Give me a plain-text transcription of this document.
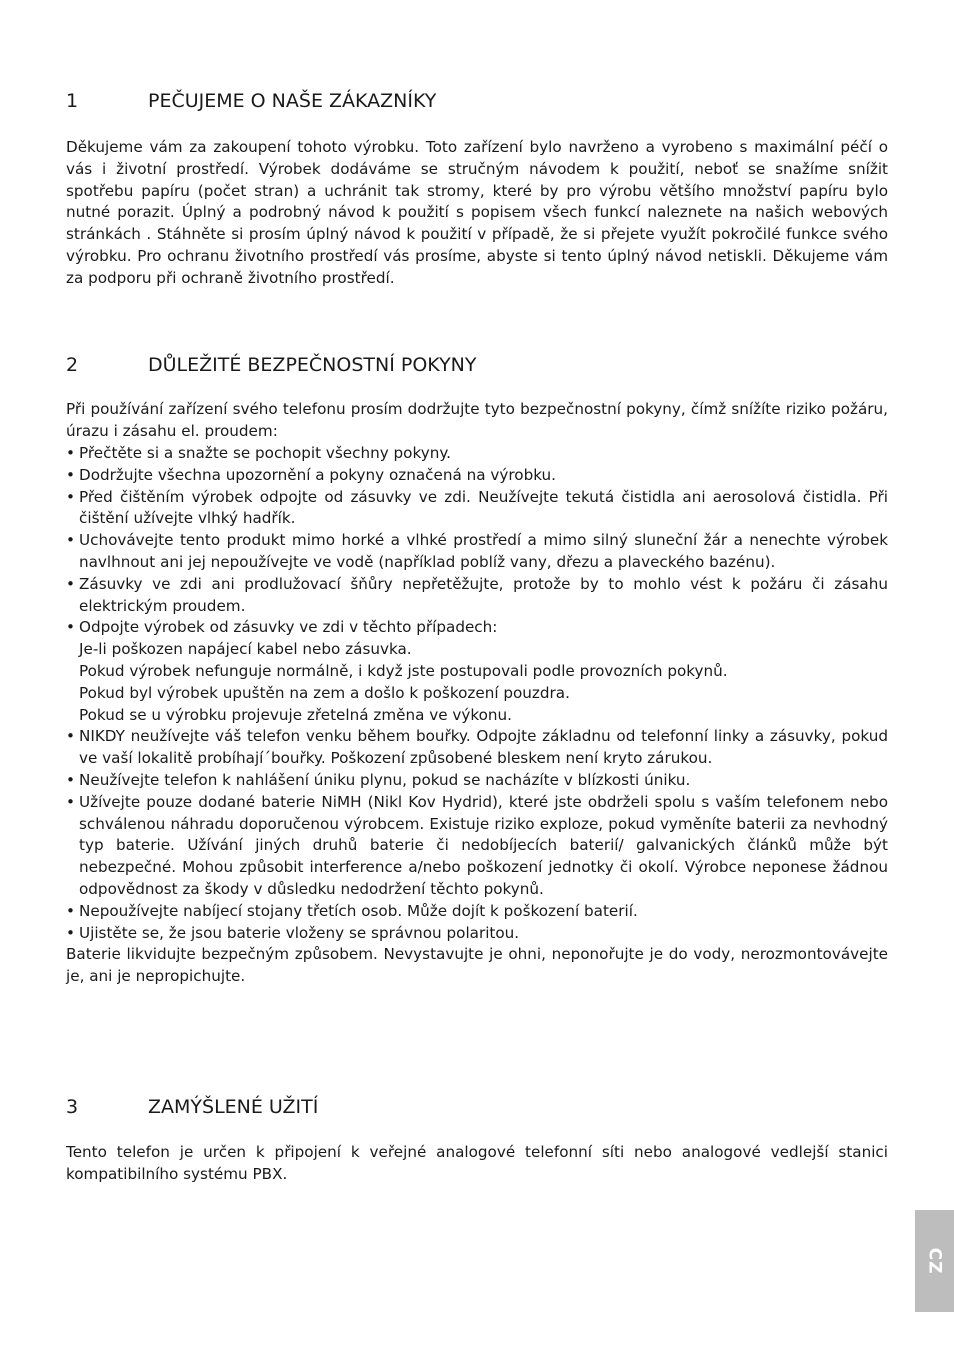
1	PEČUJEME O NAŠE ZÁKAZNÍKY

Děkujeme vám za zakoupení tohoto výrobku. Toto zařízení bylo navrženo a vyrobeno s maximální péčí o vás i životní prostředí. Výrobek dodáváme se stručným návodem k použití, neboť se snažíme snížit spotřebu papíru (počet stran) a uchránit tak stromy, které by pro výrobu většího množství papíru bylo nutné porazit. Úplný a podrobný návod k použití s popisem všech funkcí naleznete na našich webových stránkách . Stáhněte si prosím úplný návod k použití v případě, že si přejete využít pokročilé funkce svého výrobku. Pro ochranu životního prostředí vás prosíme, abyste si tento úplný návod netiskli. Děkujeme vám za podporu při ochraně životního prostředí.

2	DŮLEŽITÉ BEZPEČNOSTNÍ POKYNY

Při používání zařízení svého telefonu prosím dodržujte tyto bezpečnostní pokyny, čímž snížíte riziko požáru, úrazu i zásahu el. proudem:

• Přečtěte si a snažte se pochopit všechny pokyny.
• Dodržujte všechna upozornění a pokyny označená na výrobku.
• Před čištěním výrobek odpojte od zásuvky ve zdi. Neužívejte tekutá čistidla ani aerosolová čistidla. Při čištění užívejte vlhký hadřík.
• Uchovávejte tento produkt mimo horké a vlhké prostředí a mimo silný sluneční žár a nenechte výrobek navlhnout ani jej nepoužívejte ve vodě (například poblíž vany, dřezu a plaveckého bazénu).
• Zásuvky ve zdi ani prodlužovací šňůry nepřetěžujte, protože by to mohlo vést k požáru či zásahu elektrickým proudem.
• Odpojte výrobek od zásuvky ve zdi v těchto případech:
Je-li poškozen napájecí kabel nebo zásuvka.
Pokud výrobek nefunguje normálně, i když jste postupovali podle provozních pokynů.
Pokud byl výrobek upuštěn na zem a došlo k poškození pouzdra.
Pokud se u výrobku projevuje zřetelná změna ve výkonu.
• NIKDY neužívejte váš telefon venku během bouřky. Odpojte základnu od telefonní linky a zásuvky, pokud ve vaší lokalitě probíhají´bouřky. Poškození způsobené bleskem není kryto zárukou.
• Neužívejte telefon k nahlášení úniku plynu, pokud se nacházíte v blízkosti úniku.
• Užívejte pouze dodané baterie NiMH (Nikl Kov Hydrid), které jste obdrželi spolu s vaším telefonem nebo schválenou náhradu doporučenou výrobcem. Existuje riziko exploze, pokud vyměníte baterii za nevhodný typ baterie. Užívání jiných druhů baterie či nedobíjecích baterií/ galvanických článků může být nebezpečné. Mohou způsobit interference a/nebo poškození jednotky či okolí. Výrobce neponese žádnou odpovědnost za škody v důsledku nedodržení těchto pokynů.
• Nepoužívejte nabíjecí stojany třetích osob. Může dojít k poškození baterií.
• Ujistěte se, že jsou baterie vloženy se správnou polaritou.
Baterie likvidujte bezpečným způsobem. Nevystavujte je ohni, neponořujte je do vody, nerozmontovávejte je, ani je nepropichujte.
3	ZAMÝŠLENÉ UŽITÍ

Tento telefon je určen k připojení k veřejné analogové telefonní síti nebo analogové vedlejší stanici kompatibilního systému PBX.

CZ
